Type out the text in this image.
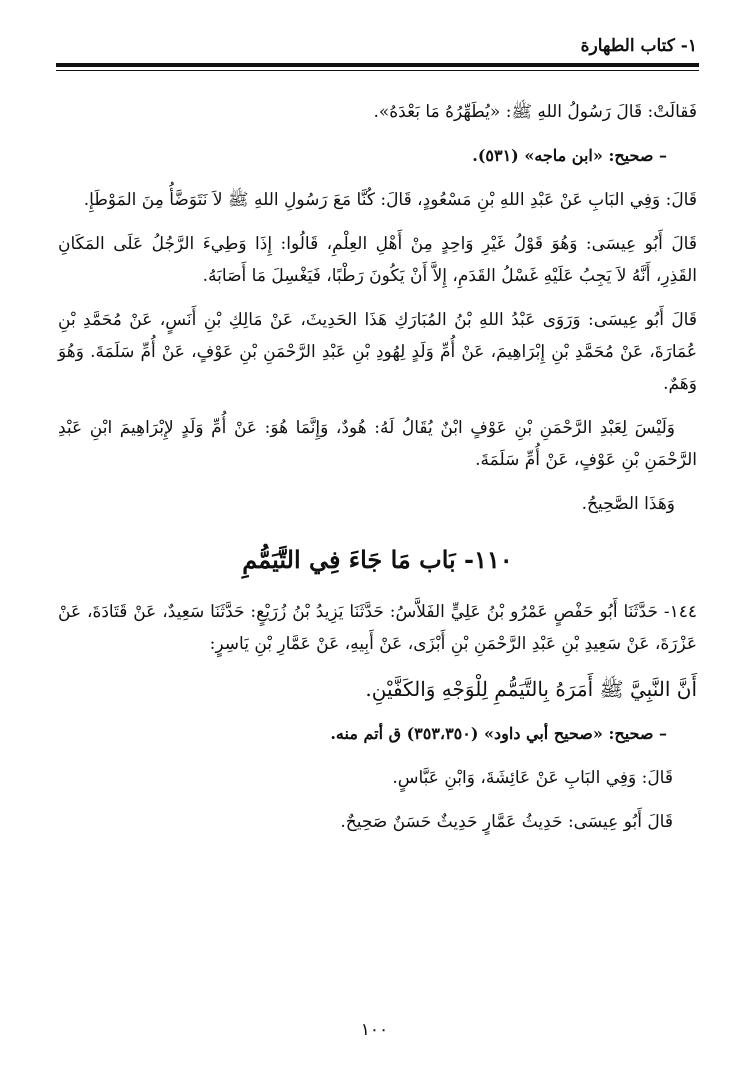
١- كتاب الطهارة

فَقالَتْ: قَالَ رَسُولُ اللهِ ﷺ: «يُطَهِّرُهُ مَا بَعْدَهُ».

– صحيح: «ابن ماجه» (٥٣١).

قَالَ: وَفِي البَابِ عَنْ عَبْدِ اللهِ بْنِ مَسْعُودٍ، قَالَ: كُنَّا مَعَ رَسُولِ اللهِ ﷺ لاَ نَتَوَضَّأُ مِنَ المَوْطَإِ.

قَالَ أَبُو عِيسَى: وَهُوَ قَوْلُ غَيْرِ وَاحِدٍ مِنْ أَهْلِ العِلْمِ، قَالُوا: إِذَا وَطِيءَ الرَّجُلُ عَلَى المَكَانِ القَذِرِ، أَنَّهُ لاَ يَجِبُ عَلَيْهِ غَسْلُ القَدَمِ، إِلاَّ أَنْ يَكُونَ رَطْبًا، فَيَغْسِلَ مَا أَصَابَهُ.

قَالَ أَبُو عِيسَى: وَرَوَى عَبْدُ اللهِ بْنُ المُبَارَكِ هَذَا الحَدِيثَ، عَنْ مَالِكِ بْنِ أَنَسٍ، عَنْ مُحَمَّدِ بْنِ عُمَارَةَ، عَنْ مُحَمَّدِ بْنِ إِبْرَاهِيمَ، عَنْ أُمِّ وَلَدٍ لِهُودِ بْنِ عَبْدِ الرَّحْمَنِ بْنِ عَوْفٍ، عَنْ أُمِّ سَلَمَةَ. وَهُوَ وَهَمٌ.

وَلَيْسَ لِعَبْدِ الرَّحْمَنِ بْنِ عَوْفٍ ابْنٌ يُقَالُ لَهُ: هُودٌ، وَإِنَّمَا هُوَ: عَنْ أُمِّ وَلَدٍ لإِبْرَاهِيمَ ابْنِ عَبْدِ الرَّحْمَنِ بْنِ عَوْفٍ، عَنْ أُمِّ سَلَمَةَ.

وَهَذَا الصَّحِيحُ.

١١٠- بَاب مَا جَاءَ فِي التَّيَمُّمِ

١٤٤- حَدَّثَنَا أَبُو حَفْصٍ عَمْرُو بْنُ عَلِيٍّ الفَلاَّسُ: حَدَّثَنَا يَزِيدُ بْنُ زُرَيْعٍ: حَدَّثَنَا سَعِيدٌ، عَنْ قَتَادَةَ، عَنْ عَزْرَةَ، عَنْ سَعِيدِ بْنِ عَبْدِ الرَّحْمَنِ بْنِ أَبْزَى، عَنْ أَبِيهِ، عَنْ عَمَّارِ بْنِ يَاسِرٍ:

أَنَّ النَّبِيَّ ﷺ أَمَرَهُ بِالتَّيَمُّمِ لِلْوَجْهِ وَالكَفَّيْنِ.

– صحيح: «صحيح أبي داود» (٣٥٣،٣٥٠) ق أتم منه.

قَالَ: وَفِي البَابِ عَنْ عَائِشَةَ، وَابْنِ عَبَّاسٍ.

قَالَ أَبُو عِيسَى: حَدِيثُ عَمَّارٍ حَدِيثٌ حَسَنٌ صَحِيحٌ.

١٠٠
